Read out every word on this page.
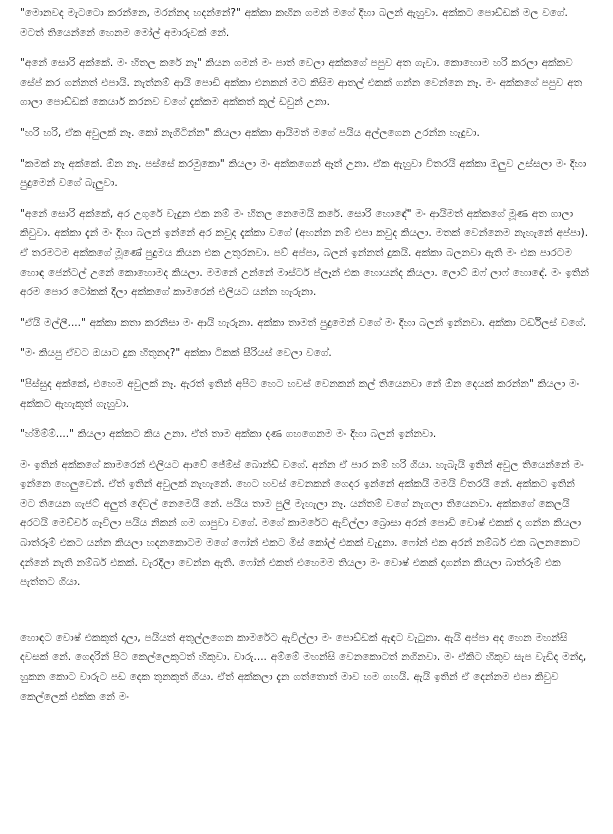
"මොනවද මැටටො කරන්නෙ, මරන්නද හදන්නේ?" අක්කා කඟින ගමන් මගේ දිහා බලන් ඇහුවා. අක්කට පොඩ්ඩක් මල වගේ. මටත් තියෙන්නේ හෙනම මෝල් අමාරුවක් නේ.

"අනේ සොරි අක්කේ. මං හිතල කරේ නෑ" කියන ගමන් මං පාත් වෙලා අක්කගේ පපුව අත ගැවා. කොහොම හරි කරලා අක්කව සේප් කර ගන්නත් එපායි. නැත්නම් ආයි පොඩි අක්කා එනකන් මට කිසිම ආතල් එකක් ගන්න වෙන්නෙ නෑ. මං අක්කගේ පපුව අත ගාලා පොඩ්ඩක් කෙයාර් කරනව වගේ දැක්කම අක්කත් කූල් ඩවුන් උනා.

"හරි හරි, ඒක අවුලක් නෑ. කෝ නැගිටින්න" කියලා අක්කා ආයිමත් මගේ පයිය අල්ලගෙන උරන්න හැදුවා.

"කමක් නෑ අක්කේ. ඕන නෑ. පස්සේ කරමුකො" කියලා මං අක්කගෙන් ඈත් උනා. ඒක ඇහුවා විතරයි අක්කා ඔලුව උස්සලා මං දිහා පුදුමෙන් වගේ බැලුවා.

"අනේ සොරි අක්කේ, අර උගුරේ වැදුන එක නම් මං හිතල නෙමෙයි කරේ. සොරි හොඳේ" මං ආයිමත් අක්කගේ මූණ අත ගාලා කිවුවා. අක්කා දැන් මං දිහා බලන් ඉන්නේ අර කවුද දැක්කා වගේ (අහන්න නම් එපා කවුද කියලා. මතක් වෙන්නෙම නැහැනේ අප්පා). ඒ තරමටම අක්කගේ මූණේ පුදුමය කියන එක උතුරනවා. පව් අප්පා, බලන් ඉන්නත් දුකයි. අක්කා බලනවා ඇති මං එක පාරටම හොඳ ජෙන්ටල් උනේ කොහොමද කියලා. මමනේ උන්නේ මාස්ටර් ප්ලෑන් එක හොයන්ද කියලා. ලොට් ඔෆ් ලාෆ් හොඳේ. මං ඉතින් අරම පොර ටෝකක් දීලා අක්කගේ කාමරෙන් එලියට යන්න හැරුනා.

"ඒයි මල්ලී...." අක්කා කතා කරනිසා මං ආයි හැරුනා. අක්කා තාමත් පුදුමෙන් වගේ මං දිහා බලන් ඉන්නවා. අක්කා ටර්ඩිලස් වගේ.

"මං කියපු ඒවට ඔයාට දුක හිතුනද?" අක්කා ටිකක් සීරියස් වෙලා වගේ.

"පිස්සුද අක්කේ, එහෙම අවුලක් නෑ. ඇරත් ඉතින් අපිට හෙට හවස් වෙනකන් කල් තියෙනවා නේ ඕන දෙයක් කරන්න" කියලා මං අක්කට ඇහැකුත් ගැහුවා.

"හ්මිම්ම්...." කියලා අක්කට කිය උනා. ඒත් තාම අක්කා දණ ගහගෙනම මං දිහා බලන් ඉන්නවා.

මං ඉතින් අක්කගේ කාමරෙන් එලියට ආවේ ජේම්ස් බොන්ඩ් වගේ. අන්න ඒ පාර නම් හරි ගියා. හැබැයි ඉතින් අවුල තියෙන්නේ මං ඉන්නෙ හෙලුවෙන්. ඒත් ඉතින් අවුලක් නැහැනේ. හෙට හවස් වෙනකන් ගෙදර ඉන්නේ අක්කයි මමයි විතරයි නේ. අක්කට ඉතින් මට තියෙන ගැජට් අලුත් දේවල් නෙමෙයි නේ. පයිය තාම පුලි මැහැලා නෑ. යන්තම් වගේ නැගලා තියෙනවා. අක්කගේ කෙලයි අරටයි මෙච්චර් ගෑවිලා පයිය නිකන් ගම ගාපුවා වගේ. මගේ කාමරේට ඇවිල්ලා බ්‍රොසා අරන් පොඩි වොෂ් එකක් දා ගන්න කියලා බාත්රූම් එකට යන්න කියලා හදනකොටම මගේ ෆෝන් එකට මිස් කෝල් එකක් වැදුනා. ෆෝන් එක අරන් නම්බර් එක බලනකොට දන්නේ නැති නම්බර් එකක්. වැරදිලා වෙන්න ඇති. ෆෝන් එකත් එහෙමම තියලා මං වොෂ් එකක් දාගන්න කියලා බාත්රූම් එක පැත්තට ගියා.

හොඳට වොෂ් එකකුත් දාලා, පයියත් අතුල්ලගෙන කාමරේට ඇවිල්ලා මං පොඩ්ඩක් ඇඳට වැටුනා. ඇයි අප්පා අද හෙන මහන්සි දවසක් නේ. ගෙදරින් පිට කෙල්ලෙකුටත් හිකුවා. වාරු.... අම්මේ මහන්සි වෙනකොටත් නගිනවා. මං ඒකිට හිකුව සැප වැඩිද මන්දා, හුකන කොට වාරුට පඩ දෙක තුනකුත් ගියා. ඒත් අක්කලා දැන ගත්තොත් මාව හම ගහයි. ඇයි ඉතින් ඒ දෙන්නම එපා කිවුව කෙල්ලෙක් එක්ක නේ මං
